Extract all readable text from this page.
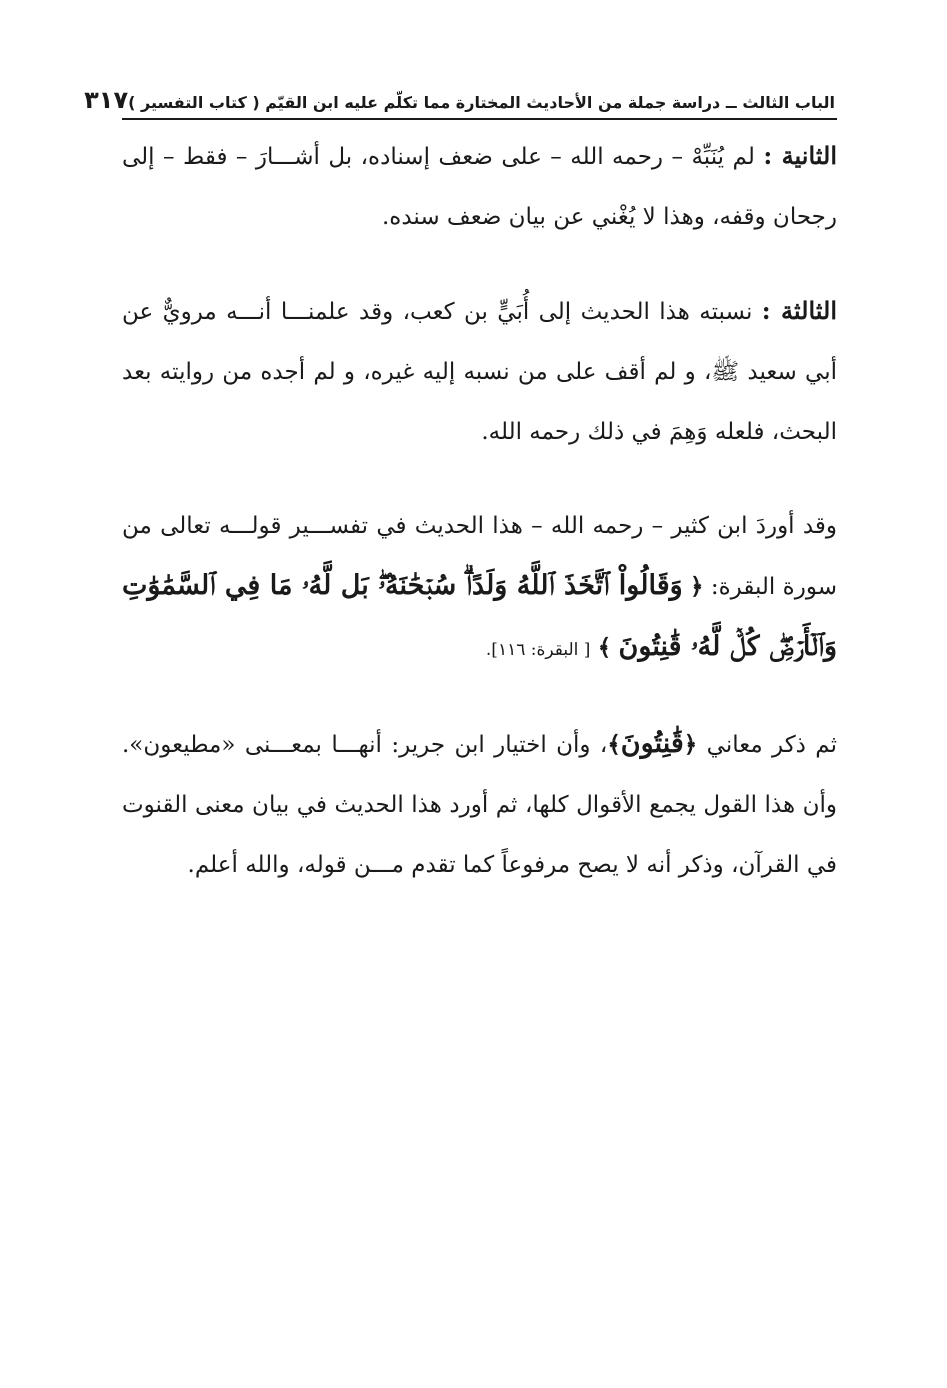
الباب الثالث ــ دراسة جملة من الأحاديث المختارة مما تكلّم عليه ابن القيّم ( كتاب التفسير )
٣١٧

الثانية : لم يُنَبِّهْ – رحمه الله – على ضعف إسناده، بل أشـــارَ – فقط – إلى رجحان وقفه، وهذا لا يُغْني عن بيان ضعف سنده.

الثالثة : نسبته هذا الحديث إلى أُبَيٍّ بن كعب، وقد علمنـــا أنـــه مرويٌّ عن أبي سعيد ﷺ، و لم أقف على من نسبه إليه غيره، و لم أجده من روايته بعد البحث، فلعله وَهِمَ في ذلك رحمه الله.

وقد أوردَ ابن كثير – رحمه الله – هذا الحديث في تفســـير قولـــه تعالى من سورة البقرة: ﴿ وَقَالُواْ ٱتَّخَذَ ٱللَّهُ وَلَدًاۗ سُبۡحَٰنَهُۥۖ بَل لَّهُۥ مَا فِي ٱلسَّمَٰوَٰتِ وَٱلۡأَرۡضِۖ كُلّٞ لَّهُۥ قَٰنِتُونَ ﴾ [ البقرة: ١١٦].

ثم ذكر معاني ﴿قَٰنِتُونَ﴾، وأن اختيار ابن جرير: أنهـــا بمعـــنى «مطيعون». وأن هذا القول يجمع الأقوال كلها، ثم أورد هذا الحديث في بيان معنى القنوت في القرآن، وذكر أنه لا يصح مرفوعاً كما تقدم مـــن قوله، والله أعلم.
